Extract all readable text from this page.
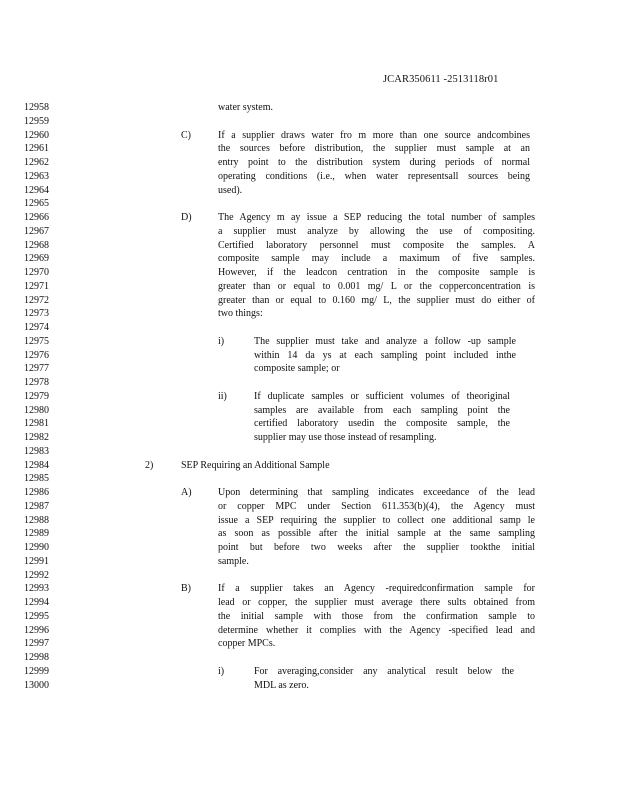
JCAR350611 -2513118r01
12958
12959
12960
12961
12962
12963
12964
12965
12966
12967
12968
12969
12970
12971
12972
12973
12974
12975
12976
12977
12978
12979
12980
12981
12982
12983
12984
12985
12986
12987
12988
12989
12990
12991
12992
12993
12994
12995
12996
12997
12998
12999
13000
water system.
C)	If a supplier draws water fro m more than one source andcombines
the sources before distribution, the supplier must sample at an
entry point to the distribution system during periods of normal
operating conditions (i.e., when water representsall sources being
used).
D)	The Agency m ay issue a SEP reducing the total number of samples
a supplier must analyze by allowing the use of compositing.
Certified laboratory personnel must composite the samples. A
composite sample may include a maximum of five samples.
However, if the leadcon centration in the composite sample is
greater than or equal to 0.001 mg/ L or the copperconcentration is
greater than or equal to 0.160 mg/ L, the supplier must do either of
two things:
i)	The supplier must take and analyze a follow -up sample
within 14 da ys at each sampling point included inthe
composite sample; or
ii)	If duplicate samples or sufficient volumes of theoriginal
samples are available from each sampling point the
certified laboratory usedin the composite sample, the
supplier may use those instead of resampling.
2)	SEP Requiring an Additional Sample
A)	Upon determining that sampling indicates exceedance of the lead
or copper MPC under Section 611.353(b)(4), the Agency must
issue a SEP requiring the supplier to collect one additional samp le
as soon as possible after the initial sample at the same sampling
point but before two weeks after the supplier tookthe initial
sample.
B)	If a supplier takes an Agency -requiredconfirmation sample for
lead or copper, the supplier must average there sults obtained from
the initial sample with those from the confirmation sample to
determine whether it complies with the Agency -specified lead and
copper MPCs.
i)	For averaging,consider any analytical result below the
MDL as zero.
